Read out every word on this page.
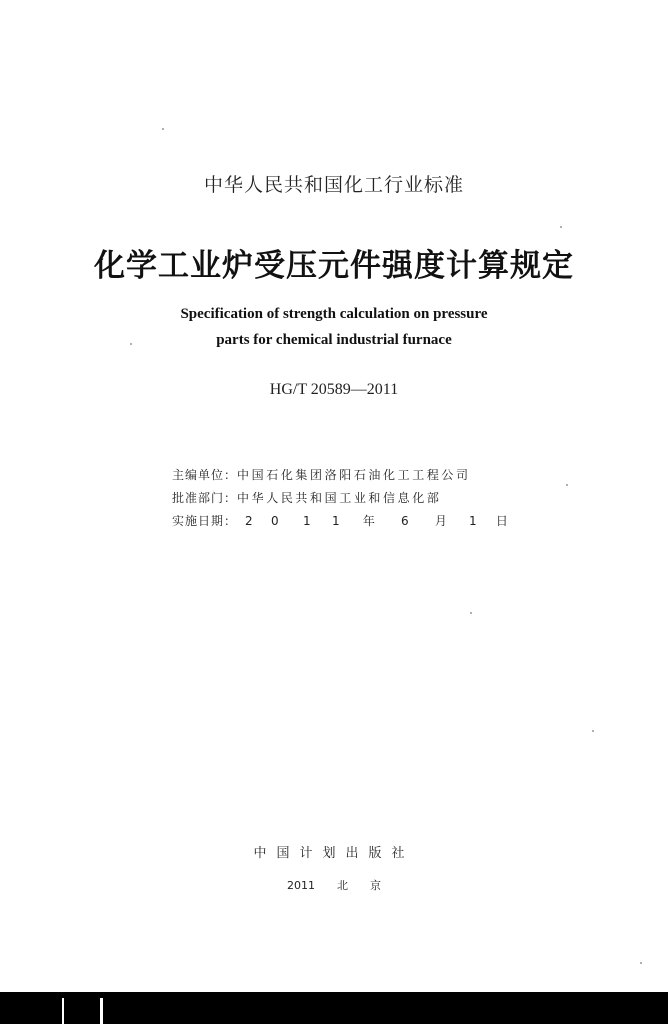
中华人民共和国化工行业标准
化学工业炉受压元件强度计算规定
Specification of strength calculation on pressure
parts for chemical industrial furnace
HG/T 20589—2011
主编单位：中国石化集团洛阳石油化工工程公司
批准部门：中华人民共和国工业和信息化部
实施日期： 2 0 1 1 年 6 月 1 日
中国计划出版社
2011 北 京
